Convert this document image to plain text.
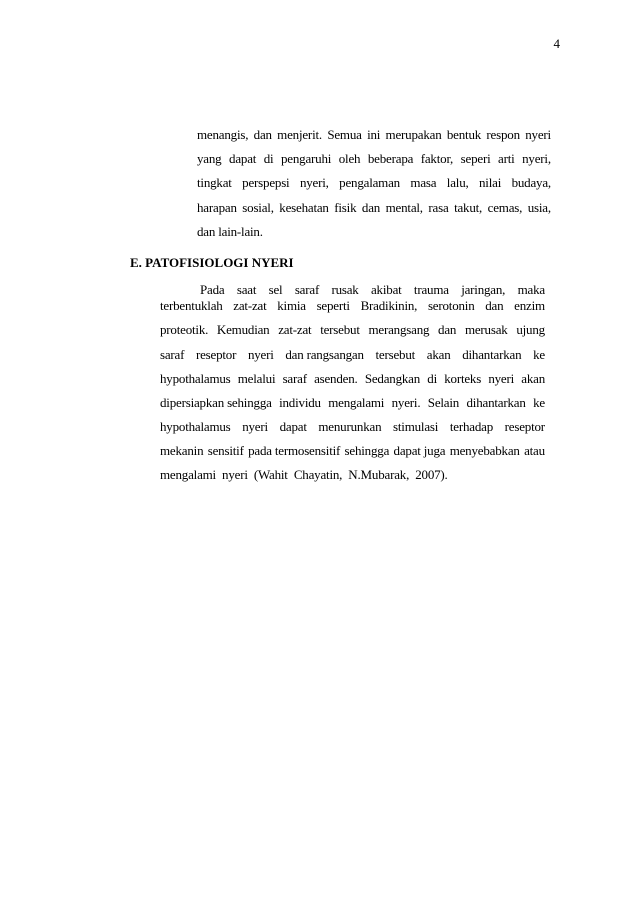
4
menangis, dan menjerit. Semua ini merupakan bentuk respon nyeri
yang dapat di pengaruhi oleh beberapa faktor, seperi arti nyeri,
tingkat perspepsi nyeri, pengalaman masa lalu, nilai budaya,
harapan sosial, kesehatan fisik dan mental, rasa takut, cemas, usia,
dan lain-lain.
E. PATOFISIOLOGI NYERI
Pada saat sel saraf rusak akibat trauma jaringan, maka
terbentuklah zat-zat kimia seperti Bradikinin, serotonin dan enzim
proteotik. Kemudian zat-zat tersebut merangsang dan merusak ujung
saraf reseptor nyeri dan rangsangan tersebut akan dihantarkan ke
hypothalamus melalui saraf asenden. Sedangkan di korteks nyeri akan
dipersiapkan sehingga individu mengalami nyeri. Selain dihantarkan ke
hypothalamus nyeri dapat menurunkan stimulasi terhadap reseptor
mekanin sensitif pada termosensitif sehingga dapat juga menyebabkan atau
mengalami  nyeri  (Wahit  Chayatin,  N.Mubarak,  2007).
